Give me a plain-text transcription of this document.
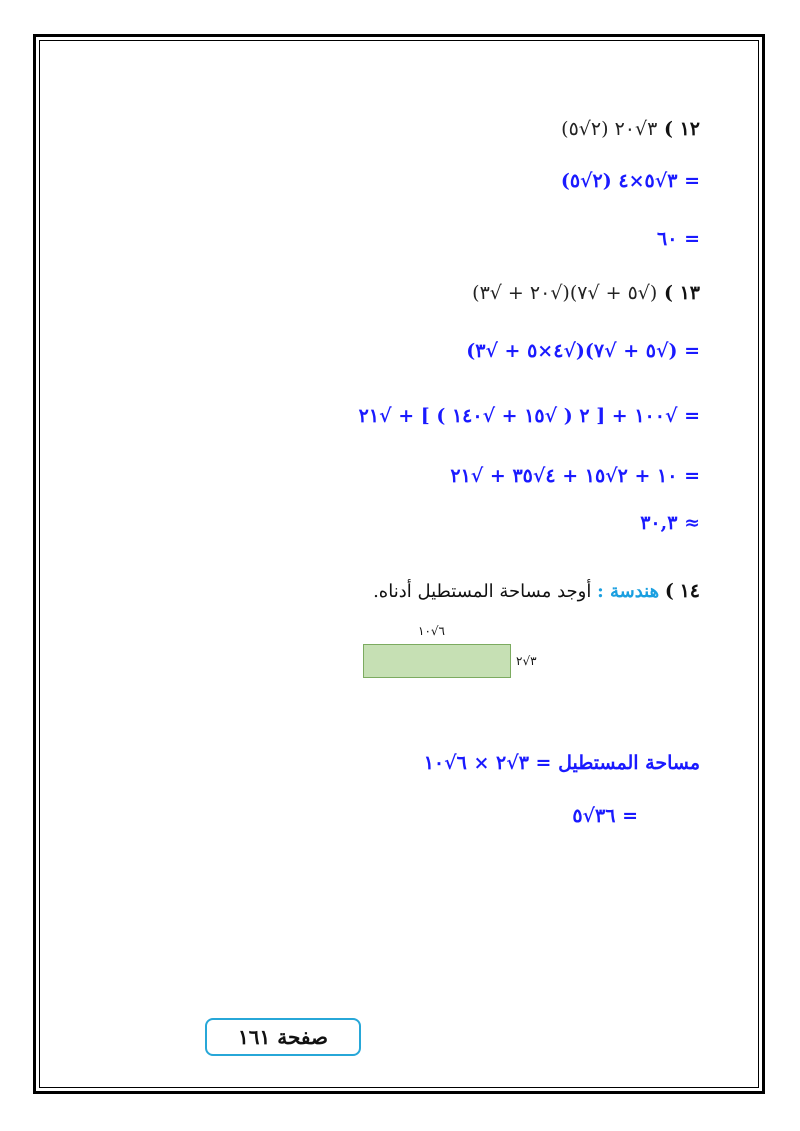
١٢ ) ٣√٢٠ (٢√٥)
= ٣√٥×٤ (٢√٥)
= ٦٠
١٣ ) (√٥ + √٧)(√٢٠ + √٣)
= (√٥ + √٧)(√٤×٥ + √٣)
= √١٠٠ + [ ٢ ( √١٥ + √١٤٠ ) ] + √٢١
= ١٠ + ٢√١٥ + ٤√٣٥ + √٢١
≈ ٣٠,٣
١٤ ) هندسة : أوجد مساحة المستطيل أدناه.
٦√١٠
٣√٢
مساحة المستطيل = ٣√٢ × ٦√١٠
= ٣٦√٥
صفحة ١٦١
